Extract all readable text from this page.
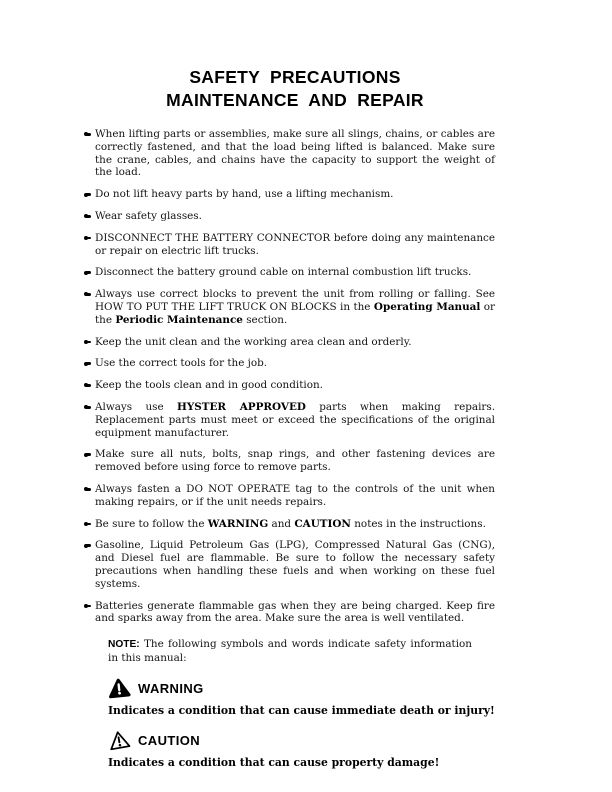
SAFETY PRECAUTIONS
MAINTENANCE AND REPAIR
When lifting parts or assemblies, make sure all slings, chains, or cables are correctly fastened, and that the load being lifted is balanced. Make sure the crane, cables, and chains have the capacity to support the weight of the load.
Do not lift heavy parts by hand, use a lifting mechanism.
Wear safety glasses.
DISCONNECT THE BATTERY CONNECTOR before doing any maintenance or repair on electric lift trucks.
Disconnect the battery ground cable on internal combustion lift trucks.
Always use correct blocks to prevent the unit from rolling or falling. See HOW TO PUT THE LIFT TRUCK ON BLOCKS in the Operating Manual or the Periodic Maintenance section.
Keep the unit clean and the working area clean and orderly.
Use the correct tools for the job.
Keep the tools clean and in good condition.
Always use HYSTER APPROVED parts when making repairs. Replacement parts must meet or exceed the specifications of the original equipment manufacturer.
Make sure all nuts, bolts, snap rings, and other fastening devices are removed before using force to remove parts.
Always fasten a DO NOT OPERATE tag to the controls of the unit when making repairs, or if the unit needs repairs.
Be sure to follow the WARNING and CAUTION notes in the instructions.
Gasoline, Liquid Petroleum Gas (LPG), Compressed Natural Gas (CNG), and Diesel fuel are flammable. Be sure to follow the necessary safety precautions when handling these fuels and when working on these fuel systems.
Batteries generate flammable gas when they are being charged. Keep fire and sparks away from the area. Make sure the area is well ventilated.

NOTE: The following symbols and words indicate safety information in this manual:

WARNING

Indicates a condition that can cause immediate death or injury!

CAUTION

Indicates a condition that can cause property damage!
